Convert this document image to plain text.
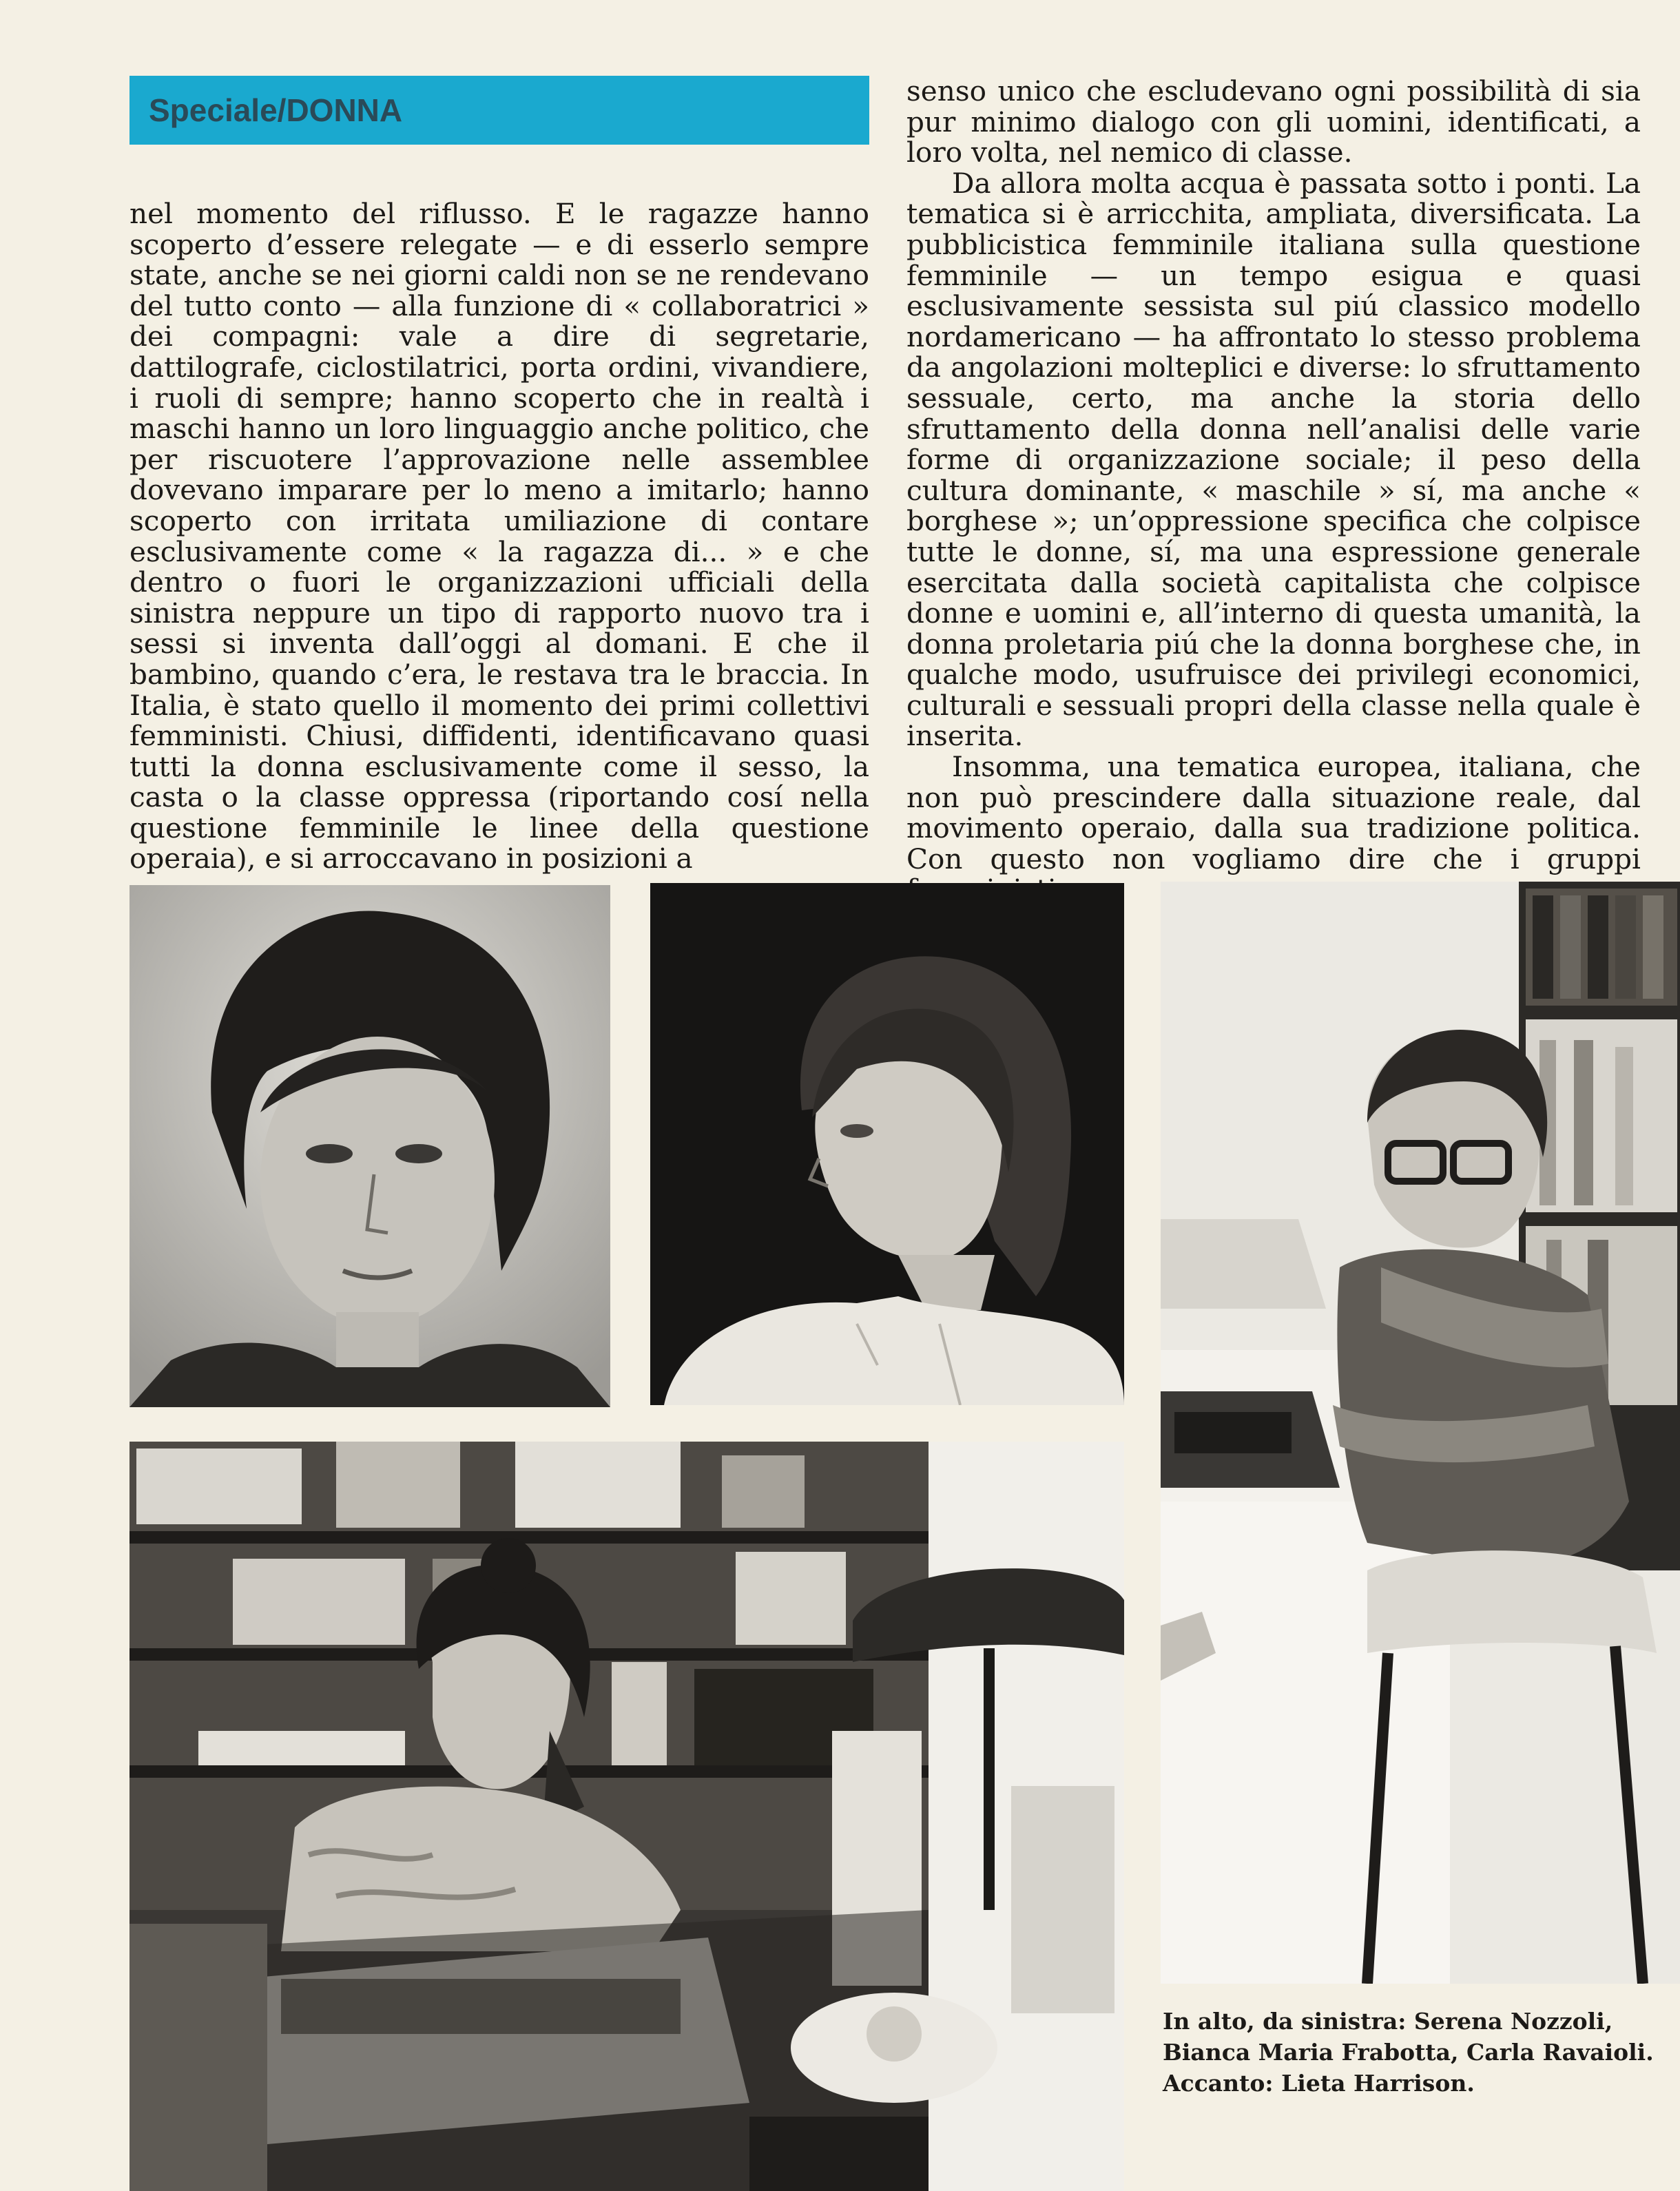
Speciale/DONNA

nel momento del riflusso. E le ragazze hanno scoperto d’essere relegate — e di esserlo sempre state, anche se nei giorni caldi non se ne rendevano del tutto conto — alla funzione di « collaboratrici » dei compagni: vale a dire di segretarie, dattilografe, ciclostilatrici, porta ordini, vivandiere, i ruoli di sempre; hanno scoperto che in realtà i maschi hanno un loro linguaggio anche politico, che per riscuotere l’approvazione nelle assemblee dovevano imparare per lo meno a imitarlo; hanno scoperto con irritata umiliazione di contare esclusivamente come « la ragazza di... » e che dentro o fuori le organizzazioni ufficiali della sinistra neppure un tipo di rapporto nuovo tra i sessi si inventa dall’oggi al domani. E che il bambino, quando c’era, le restava tra le braccia. In Italia, è stato quello il momento dei primi collettivi femministi. Chiusi, diffidenti, identificavano quasi tutti la donna esclusivamente come il sesso, la casta o la classe oppressa (riportando cosí nella questione femminile le linee della questione operaia), e si arroccavano in posizioni a

senso unico che escludevano ogni possibilità di sia pur minimo dialogo con gli uomini, identificati, a loro volta, nel nemico di classe.

Da allora molta acqua è passata sotto i ponti. La tematica si è arricchita, ampliata, diversificata. La pubblicistica femminile italiana sulla questione femminile — un tempo esigua e quasi esclusivamente sessista sul piú classico modello nordamericano — ha affrontato lo stesso problema da angolazioni molteplici e diverse: lo sfruttamento sessuale, certo, ma anche la storia dello sfruttamento della donna nell’analisi delle varie forme di organizzazione sociale; il peso della cultura dominante, « maschile » sí, ma anche « borghese »; un’oppressione specifica che colpisce tutte le donne, sí, ma una espressione generale esercitata dalla società capitalista che colpisce donne e uomini e, all’interno di questa umanità, la donna proletaria piú che la donna borghese che, in qualche modo, usufruisce dei privilegi economici, culturali e sessuali propri della classe nella quale è inserita.

Insomma, una tematica europea, italiana, che non può prescindere dalla situazione reale, dal movimento operaio, dalla sua tradizione politica. Con questo non vogliamo dire che i gruppi

In alto, da sinistra: Serena Nozzoli,
Bianca Maria Frabotta, Carla Ravaioli.
Accanto: Lieta Harrison.
